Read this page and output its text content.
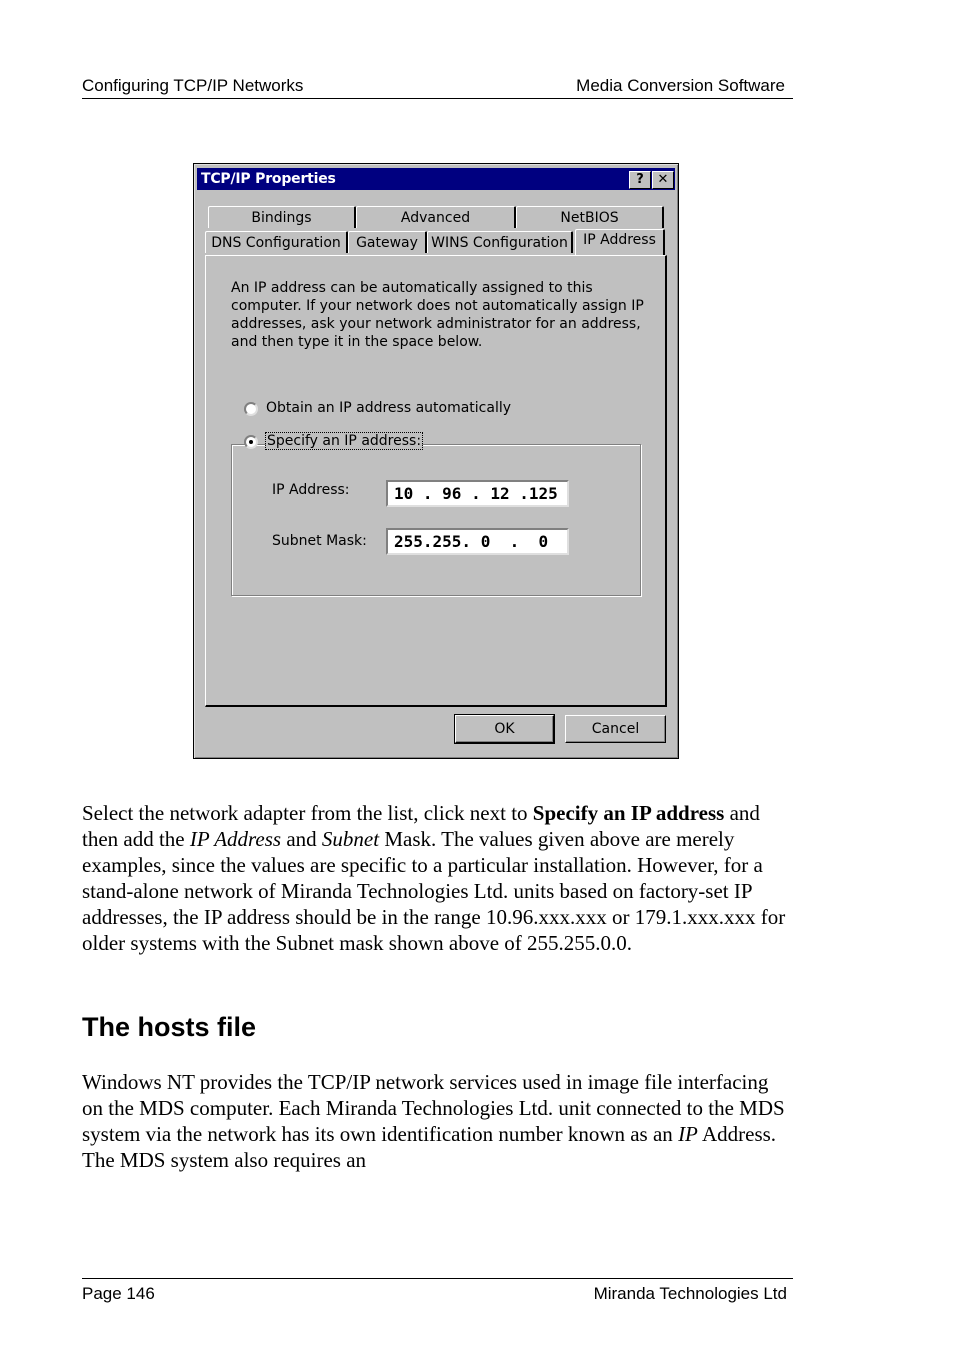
Configuring TCP/IP Networks	Media Conversion Software
TCP/IP Properties	?	✕
Bindings	Advanced	NetBIOS
DNS Configuration	Gateway WINS Configuration	IP Address
An IP address can be automatically assigned to this computer. If your network does not automatically assign IP addresses, ask your network administrator for an address, and then type it in the space below.
Obtain an IP address automatically
Specify an IP address:
IP Address:	10 . 96 . 12 .125
Subnet Mask:	255.255. 0  .  0
OK	Cancel
Select the network adapter from the list, click next to Specify an IP address and then add the IP Address and Subnet Mask. The values given above are merely examples, since the values are specific to a particular installation. However, for a stand-alone network of Miranda Technologies Ltd. units based on factory-set IP addresses, the IP address should be in the range 10.96.xxx.xxx or 179.1.xxx.xxx for older systems with the Subnet mask shown above of 255.255.0.0.
The hosts file
Windows NT provides the TCP/IP network services used in image file interfacing on the MDS computer. Each Miranda Technologies Ltd. unit connected to the MDS system via the network has its own identification number known as an IP Address. The MDS system also requires an
Page 146	Miranda Technologies Ltd
